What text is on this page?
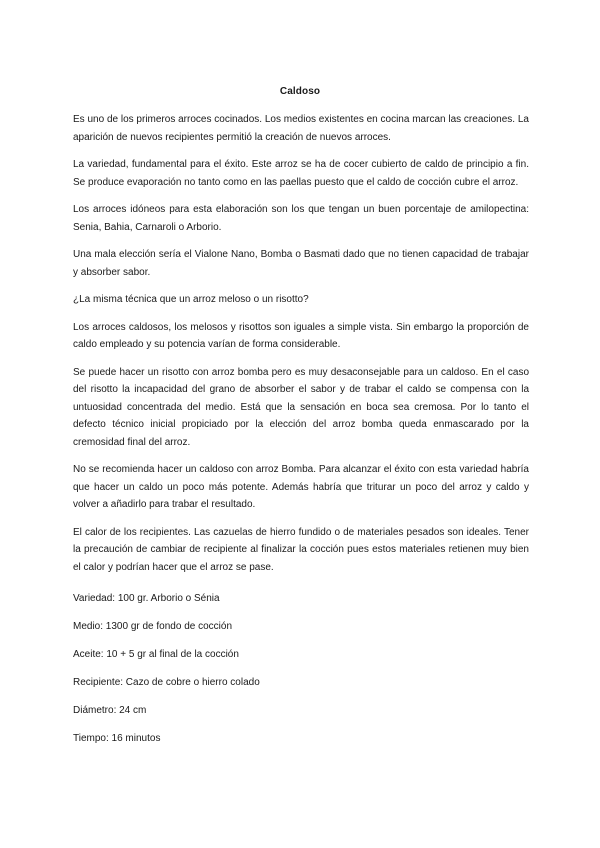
Caldoso

Es uno de los primeros arroces cocinados. Los medios existentes en cocina marcan las creaciones. La aparición de nuevos recipientes permitió la creación de nuevos arroces.

La variedad, fundamental para el éxito. Este arroz se ha de cocer cubierto de caldo de principio a fin. Se produce evaporación no tanto como en las paellas puesto que el caldo de cocción cubre el arroz.

Los arroces idóneos para esta elaboración son los que tengan un buen porcentaje de amilopectina: Senia, Bahia, Carnaroli o Arborio.

Una mala elección sería el Vialone Nano, Bomba o Basmati dado que no tienen capacidad de trabajar y absorber sabor.

¿La misma técnica que un arroz meloso o un risotto?

Los arroces caldosos, los melosos y risottos son iguales a simple vista. Sin embargo la proporción de caldo empleado y su potencia varían de forma considerable.

Se puede hacer un risotto con arroz bomba pero es muy desaconsejable para un caldoso. En el caso del risotto la incapacidad del grano de absorber el sabor y de trabar el caldo se compensa con la untuosidad concentrada del medio. Está que la sensación en boca sea cremosa. Por lo tanto el defecto técnico inicial propiciado por la elección del arroz bomba queda enmascarado por la cremosidad final del arroz.

No se recomienda hacer un caldoso con arroz Bomba. Para alcanzar el éxito con esta variedad habría que hacer un caldo un poco más potente. Además habría que triturar un poco del arroz y caldo y volver a añadirlo para trabar el resultado.

El calor de los recipientes. Las cazuelas de hierro fundido o de materiales pesados son ideales. Tener la precaución de cambiar de recipiente al finalizar la cocción pues estos materiales retienen muy bien el calor y podrían hacer que el arroz se pase.

Variedad: 100 gr. Arborio o Sénia
Medio: 1300 gr de fondo de cocción
Aceite: 10 + 5 gr al final de la cocción
Recipiente: Cazo de cobre o hierro colado
Diámetro: 24 cm
Tiempo: 16 minutos
